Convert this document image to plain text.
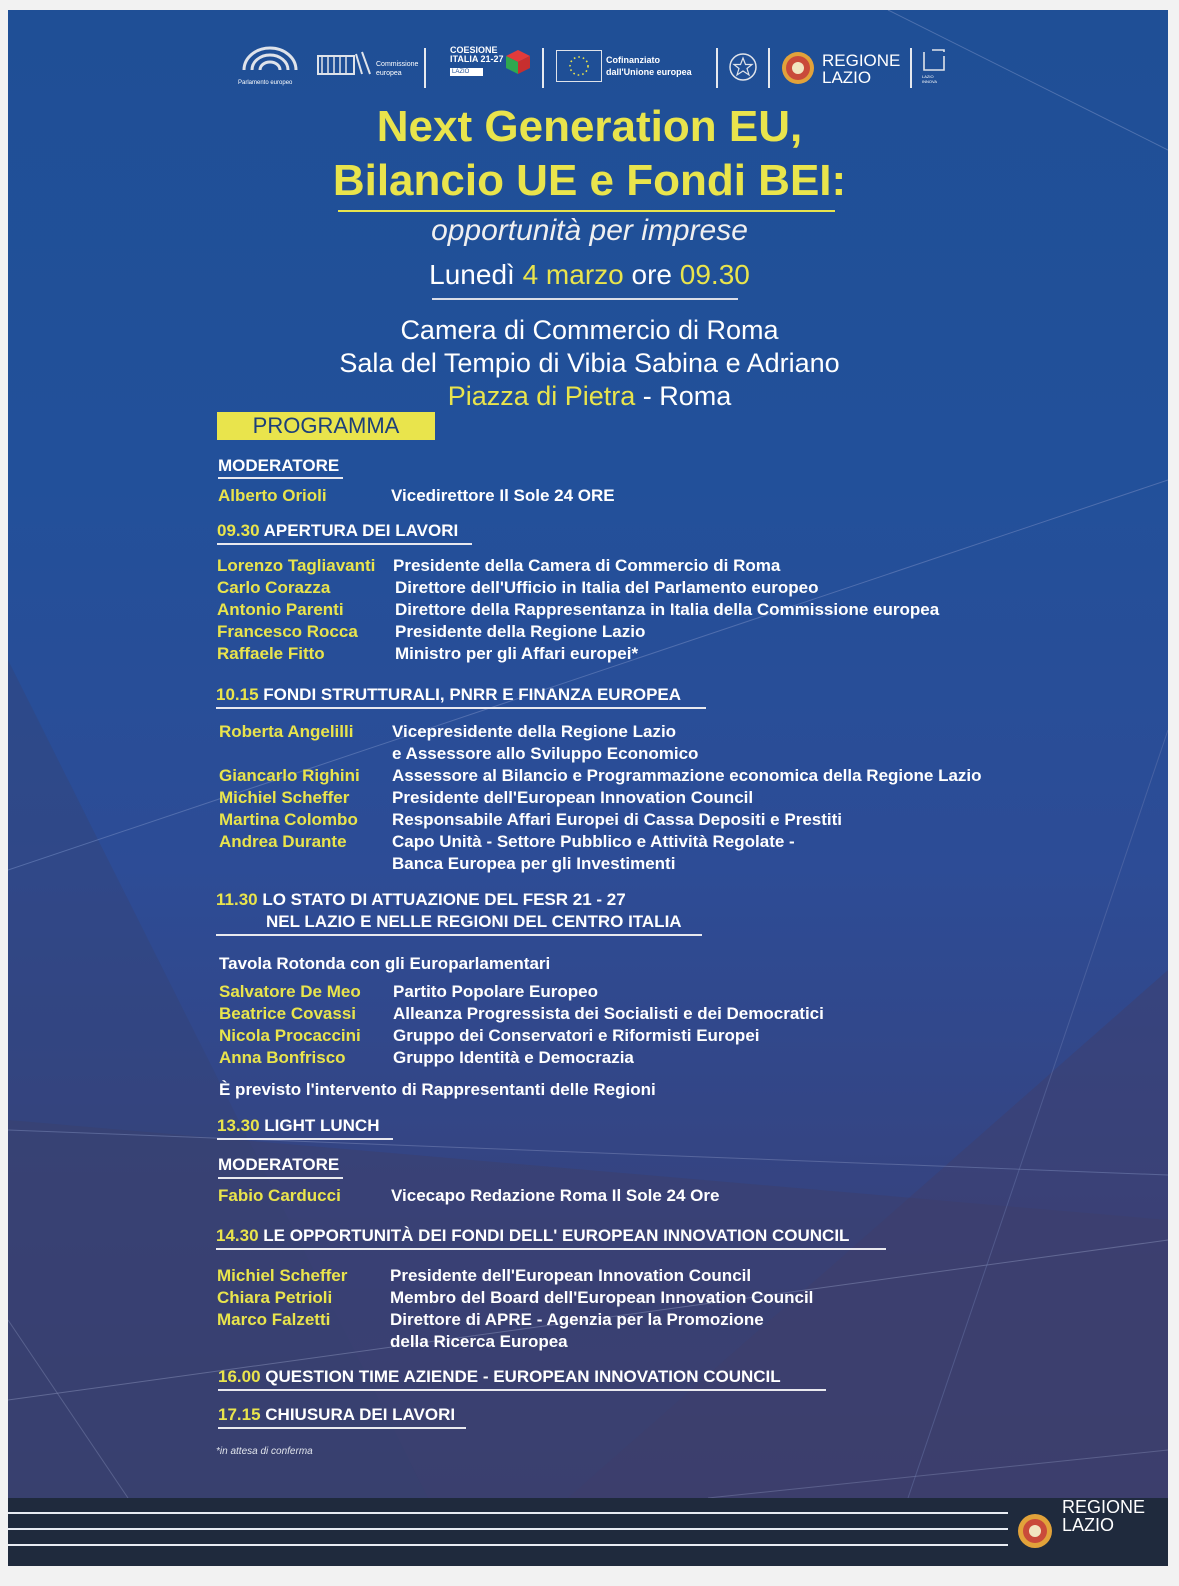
Parlamento europeo
Commissione europea
COESIONE
ITALIA 21-27
LAZIO
Cofinanziato
dall'Unione europea
REGIONE
LAZIO	LAZIO INNOVA
Next Generation EU,
Bilancio UE e Fondi BEI:
opportunità per imprese
Lunedì 4 marzo ore 09.30
Camera di Commercio di Roma
Sala del Tempio di Vibia Sabina e Adriano
Piazza di Pietra - Roma
PROGRAMMA
MODERATORE
Alberto Orioli	Vicedirettore Il Sole 24 ORE
09.30 APERTURA DEI LAVORI
Lorenzo Tagliavanti Presidente della Camera di Commercio di Roma
Carlo Corazza	Direttore dell'Ufficio in Italia del Parlamento europeo
Antonio Parenti	Direttore della Rappresentanza in Italia della Commissione europea
Francesco Rocca Presidente della Regione Lazio
Raffaele Fitto	Ministro per gli Affari europei*
10.15 FONDI STRUTTURALI, PNRR E FINANZA EUROPEA
Roberta Angelilli Vicepresidente della Regione Lazio
e Assessore allo Sviluppo Economico
Giancarlo Righini Assessore al Bilancio e Programmazione economica della Regione Lazio
Michiel Scheffer	Presidente dell'European Innovation Council
Martina Colombo Responsabile Affari Europei di Cassa Depositi e Prestiti
Andrea Durante	Capo Unità - Settore Pubblico e Attività Regolate -
Banca Europea per gli Investimenti
11.30 LO STATO DI ATTUAZIONE DEL FESR 21 - 27
NEL LAZIO E NELLE REGIONI DEL CENTRO ITALIA
Tavola Rotonda con gli Europarlamentari
Salvatore De Meo Partito Popolare Europeo
Beatrice Covassi Alleanza Progressista dei Socialisti e dei Democratici
Nicola Procaccini Gruppo dei Conservatori e Riformisti Europei
Anna Bonfrisco	Gruppo Identità e Democrazia
È previsto l'intervento di Rappresentanti delle Regioni
13.30 LIGHT LUNCH
MODERATORE
Fabio Carducci	Vicecapo Redazione Roma Il Sole 24 Ore
14.30 LE OPPORTUNITÀ DEI FONDI DELL' EUROPEAN INNOVATION COUNCIL
Michiel Scheffer	Presidente dell'European Innovation Council
Chiara Petrioli	Membro del Board dell'European Innovation Council
Marco Falzetti	Direttore di APRE - Agenzia per la Promozione
della Ricerca Europea
16.00 QUESTION TIME AZIENDE - EUROPEAN INNOVATION COUNCIL
17.15 CHIUSURA DEI LAVORI
*in attesa di conferma
REGIONE
LAZIO
